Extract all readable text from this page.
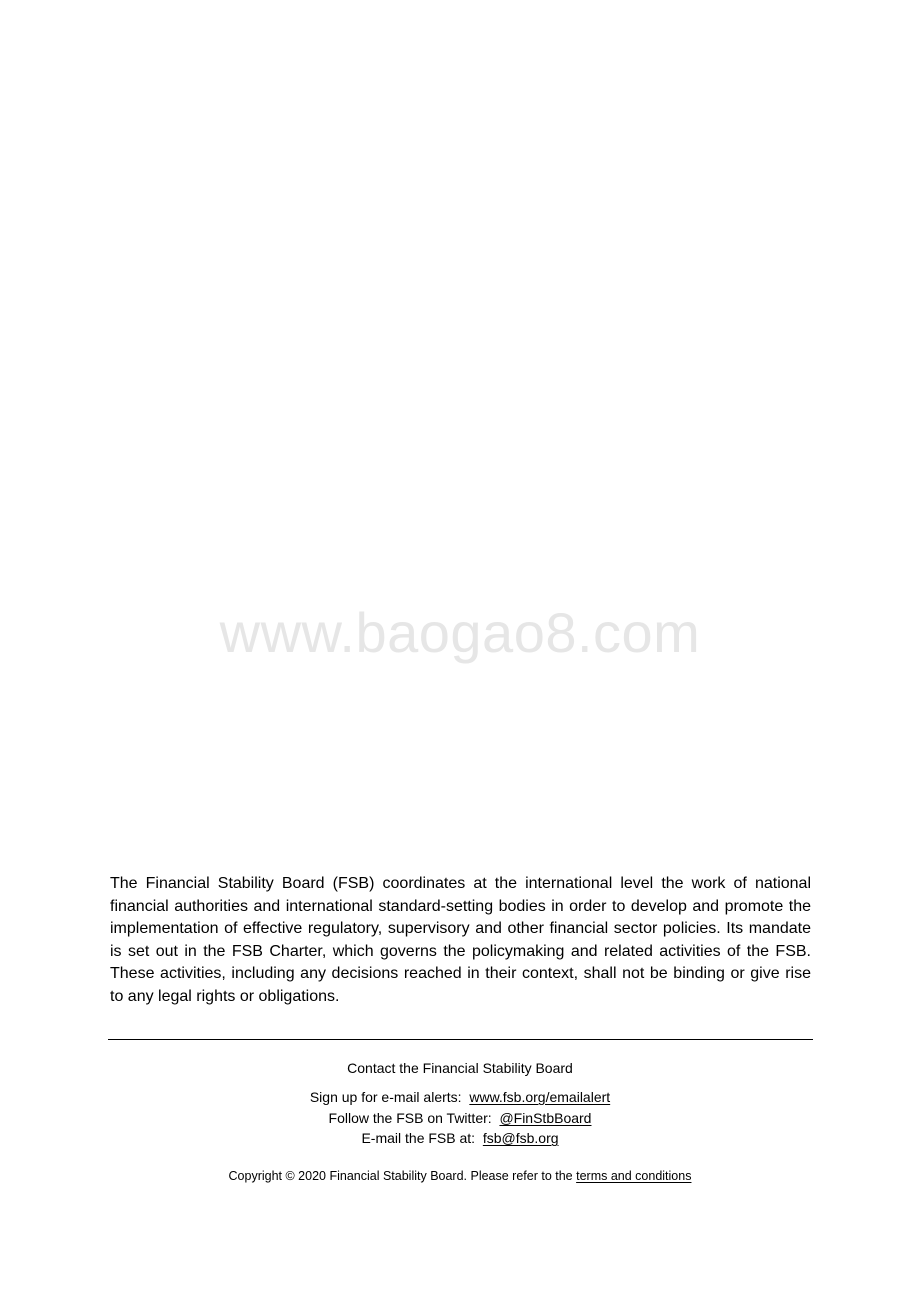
www.baogao8.com

The Financial Stability Board (FSB) coordinates at the international level the work of national financial authorities and international standard-setting bodies in order to develop and promote the implementation of effective regulatory, supervisory and other financial sector policies. Its mandate is set out in the FSB Charter, which governs the policymaking and related activities of the FSB. These activities, including any decisions reached in their context, shall not be binding or give rise to any legal rights or obligations.

Contact the Financial Stability Board
Sign up for e-mail alerts: www.fsb.org/emailalert
Follow the FSB on Twitter: @FinStbBoard
E-mail the FSB at: fsb@fsb.org
Copyright © 2020 Financial Stability Board. Please refer to the terms and conditions
